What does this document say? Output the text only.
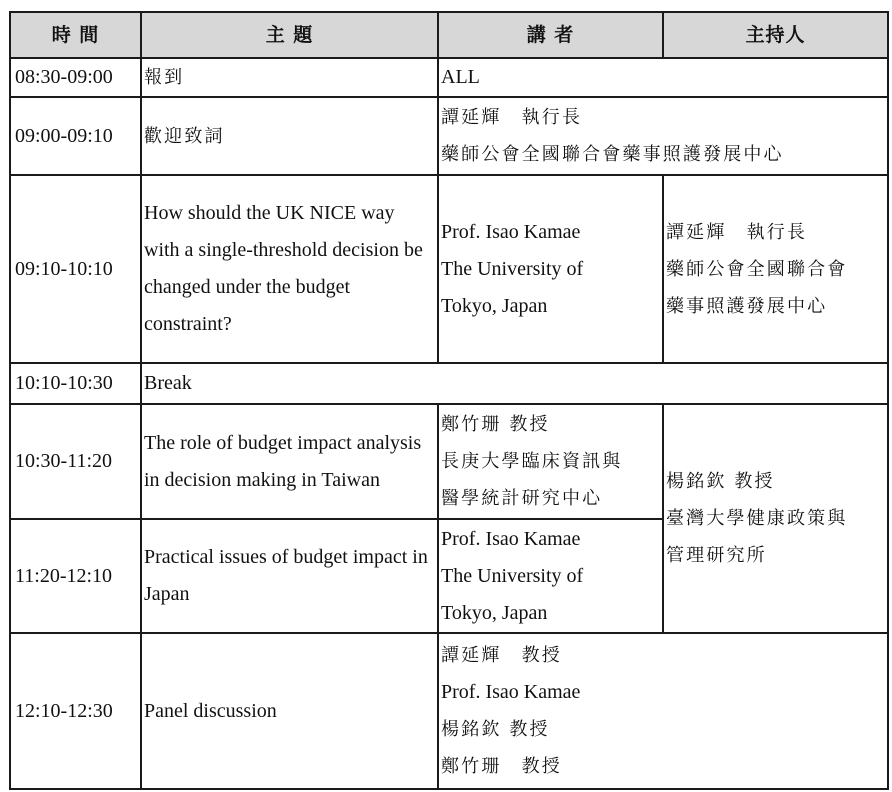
時 間	主 題	講 者	主持人
08:30-09:00	報到	ALL	

09:00-09:10	歡迎致詞	譚延輝　執行長
藥師公會全國聯合會藥事照護發展中心	

09:10-10:10	How should the UK NICE way with a single-threshold decision be changed under the budget constraint?	Prof. Isao Kamae
The University of
Tokyo, Japan	譚延輝　執行長
藥師公會全國聯合會
藥事照護發展中心

10:10-10:30	Break		
10:30-11:20	The role of budget impact analysis in decision making in Taiwan	鄭竹珊 教授
長庚大學臨床資訊與
醫學統計研究中心	楊銘欽 教授
臺灣大學健康政策與
管理研究所

11:20-12:10	Practical issues of budget impact in Japan	Prof. Isao Kamae
The University of
Tokyo, Japan	

12:10-12:30	Panel discussion	譚延輝　教授
Prof. Isao Kamae
楊銘欽 教授
鄭竹珊　教授	
